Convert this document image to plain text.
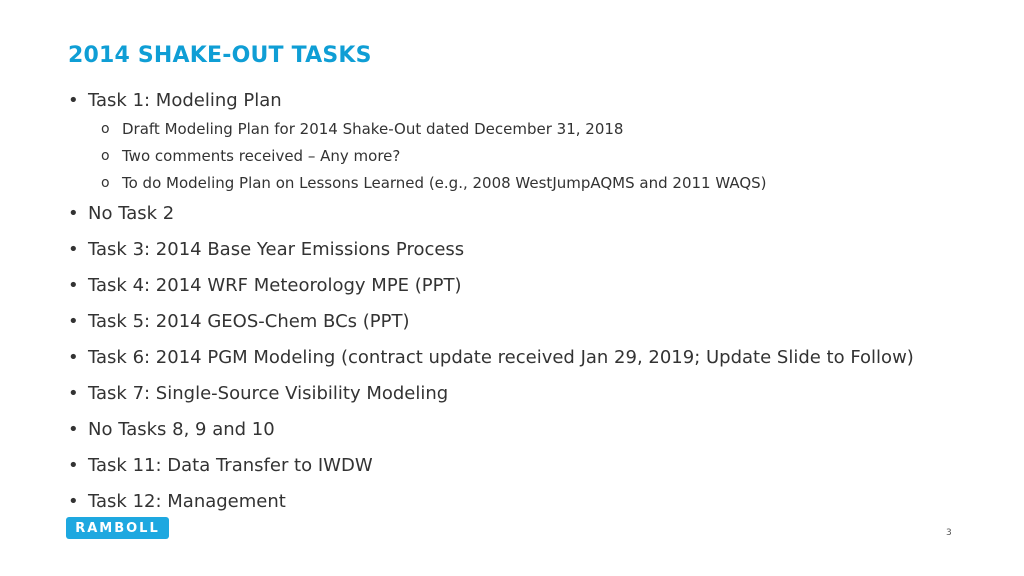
2014 SHAKE-OUT TASKS
• Task 1: Modeling Plan
o Draft Modeling Plan for 2014 Shake-Out dated December 31, 2018
o Two comments received – Any more?
o To do Modeling Plan on Lessons Learned (e.g., 2008 WestJumpAQMS and 2011 WAQS)
• No Task 2
• Task 3: 2014 Base Year Emissions Process
• Task 4: 2014 WRF Meteorology MPE (PPT)
• Task 5: 2014 GEOS-Chem BCs (PPT)
• Task 6: 2014 PGM Modeling (contract update received Jan 29, 2019; Update Slide to Follow)
• Task 7: Single-Source Visibility Modeling
• No Tasks 8, 9 and 10
• Task 11: Data Transfer to IWDW
• Task 12: Management
RAMBOLL	3
